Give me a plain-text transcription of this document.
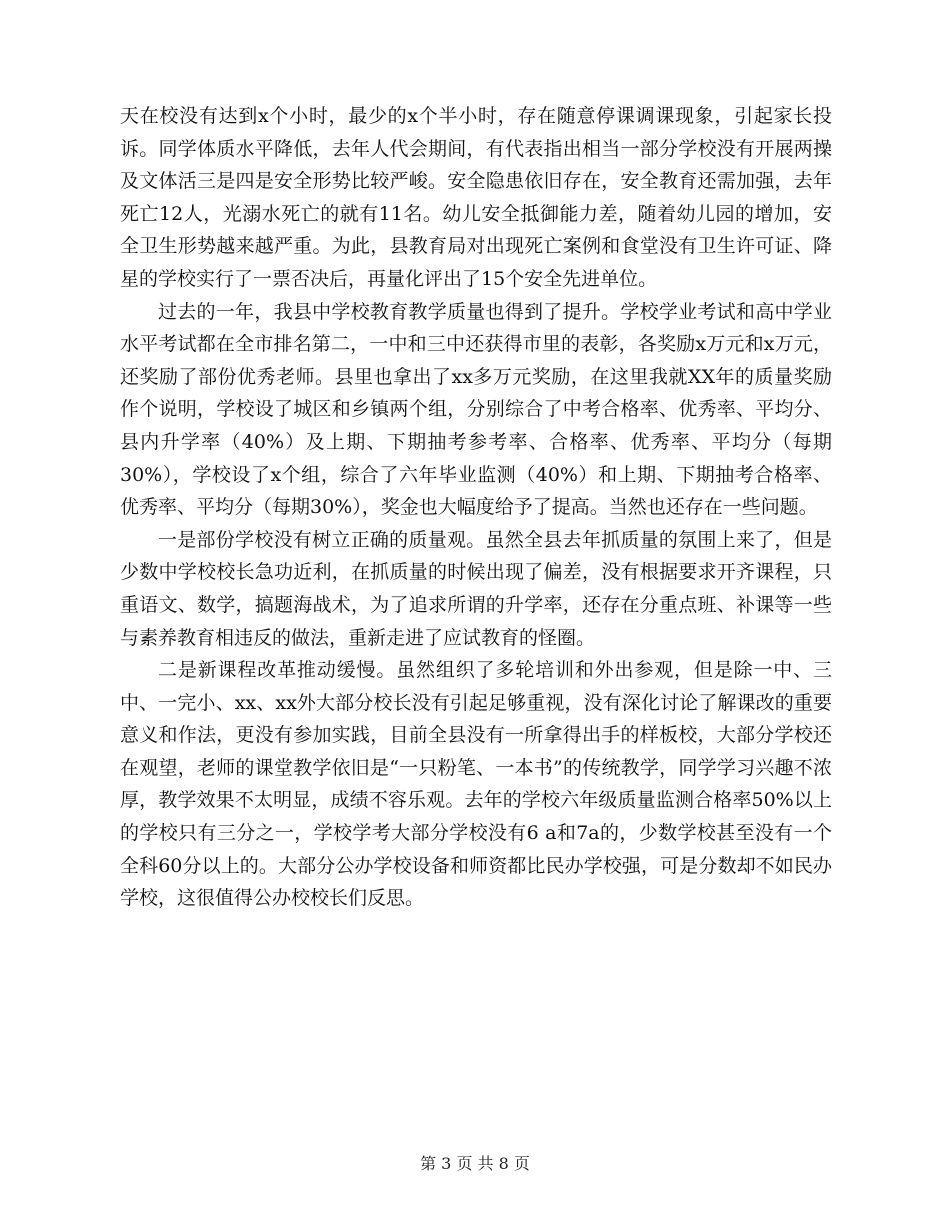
天在校没有达到x个小时，最少的x个半小时，存在随意停课调课现象，引起家长投诉。同学体质水平降低，去年人代会期间，有代表指出相当一部分学校没有开展两操及文体活三是四是安全形势比较严峻。安全隐患依旧存在，安全教育还需加强，去年死亡12人，光溺水死亡的就有11名。幼儿安全抵御能力差，随着幼儿园的增加，安全卫生形势越来越严重。为此，县教育局对出现死亡案例和食堂没有卫生许可证、降星的学校实行了一票否决后，再量化评出了15个安全先进单位。

过去的一年，我县中学校教育教学质量也得到了提升。学校学业考试和高中学业水平考试都在全市排名第二，一中和三中还获得市里的表彰，各奖励x万元和x万元，还奖励了部份优秀老师。县里也拿出了xx多万元奖励，在这里我就XX年的质量奖励作个说明，学校设了城区和乡镇两个组，分别综合了中考合格率、优秀率、平均分、县内升学率（40%）及上期、下期抽考参考率、合格率、优秀率、平均分（每期30%），学校设了x个组，综合了六年毕业监测（40%）和上期、下期抽考合格率、优秀率、平均分（每期30%），奖金也大幅度给予了提高。当然也还存在一些问题。

一是部份学校没有树立正确的质量观。虽然全县去年抓质量的氛围上来了，但是少数中学校校长急功近利，在抓质量的时候出现了偏差，没有根据要求开齐课程，只重语文、数学，搞题海战术，为了追求所谓的升学率，还存在分重点班、补课等一些与素养教育相违反的做法，重新走进了应试教育的怪圈。

二是新课程改革推动缓慢。虽然组织了多轮培训和外出参观，但是除一中、三中、一完小、xx、xx外大部分校长没有引起足够重视，没有深化讨论了解课改的重要意义和作法，更没有参加实践，目前全县没有一所拿得出手的样板校，大部分学校还在观望，老师的课堂教学依旧是“一只粉笔、一本书”的传统教学，同学学习兴趣不浓厚，教学效果不太明显，成绩不容乐观。去年的学校六年级质量监测合格率50%以上的学校只有三分之一，学校学考大部分学校没有6 a和7a的，少数学校甚至没有一个全科60分以上的。大部分公办学校设备和师资都比民办学校强，可是分数却不如民办学校，这很值得公办校校长们反思。

第 3 页 共 8 页
